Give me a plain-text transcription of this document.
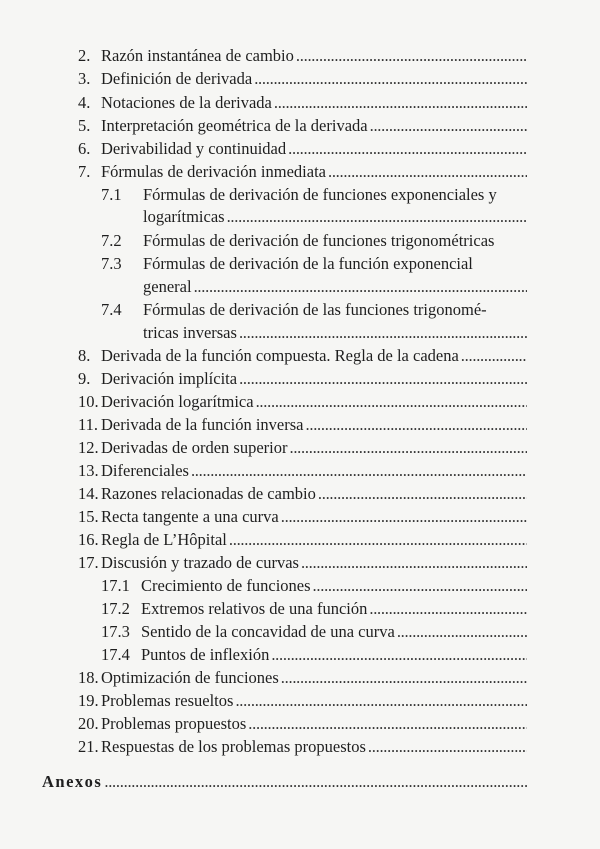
2. Razón instantánea de cambio
. . .
3. Definición de derivada
. . .
4. Notaciones de la derivada
. . .
5. Interpretación geométrica de la derivada
. . .
6. Derivabilidad y continuidad
. . .
7. Fórmulas de derivación inmediata
. . .
7.1 Fórmulas de derivación de funciones exponenciales y
logarítmicas
. . .
7.2 Fórmulas de derivación de funciones trigonométricas
7.3 Fórmulas de derivación de la función exponencial
general
. . .
7.4 Fórmulas de derivación de las funciones trigonomé-
tricas inversas
. . .
8. Derivada de la función compuesta. Regla de la cadena
. . .
9. Derivación implícita
. . .
10. Derivación logarítmica
. . .
11. Derivada de la función inversa
. . .
12. Derivadas de orden superior
. . .
13. Diferenciales
. . .
14. Razones relacionadas de cambio
. . .
15. Recta tangente a una curva
. . .
16. Regla de L’Hôpital
. . .
17. Discusión y trazado de curvas
. . .
17.1 Crecimiento de funciones
. . .
17.2 Extremos relativos de una función
. . .
17.3 Sentido de la concavidad de una curva
. . .
17.4 Puntos de inflexión
. . .
18. Optimización de funciones
. . .
19. Problemas resueltos
. . .
20. Problemas propuestos
. . .
21. Respuestas de los problemas propuestos
. . .
Anexos
. . .
